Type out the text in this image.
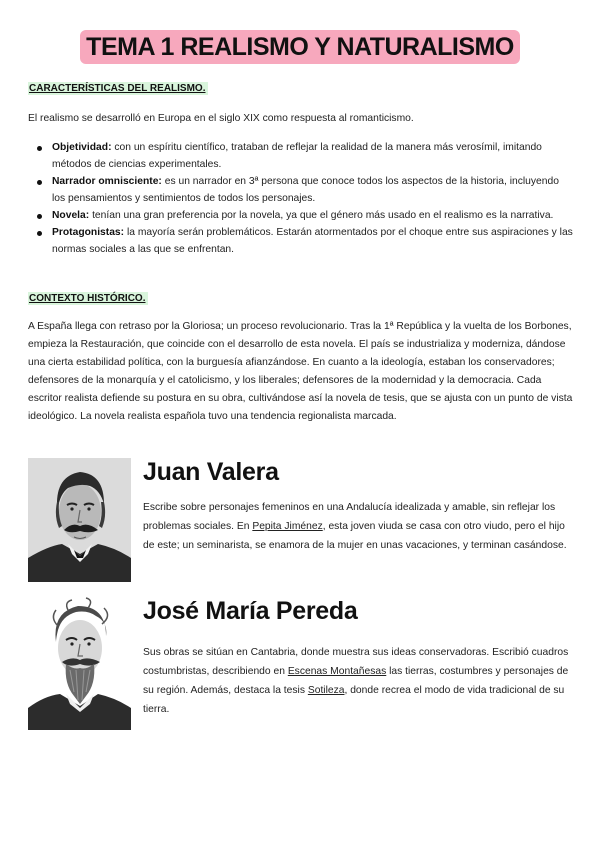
TEMA 1 REALISMO Y NATURALISMO
CARACTERÍSTICAS DEL REALISMO.
El realismo se desarrolló en Europa en el siglo XIX como respuesta al romanticismo.
Objetividad: con un espíritu científico, trataban de reflejar la realidad de la manera más verosímil, imitando métodos de ciencias experimentales.
Narrador omnisciente: es un narrador en 3ª persona que conoce todos los aspectos de la historia, incluyendo los pensamientos y sentimientos de todos los personajes.
Novela: tenían una gran preferencia por la novela, ya que el género más usado en el realismo es la narrativa.
Protagonistas: la mayoría serán problemáticos. Estarán atormentados por el choque entre sus aspiraciones y las normas sociales a las que se enfrentan.
CONTEXTO HISTÓRICO.
A España llega con retraso por la Gloriosa; un proceso revolucionario. Tras la 1ª República y la vuelta de los Borbones, empieza la Restauración, que coincide con el desarrollo de esta novela. El país se industrializa y moderniza, dándose una cierta estabilidad política, con la burguesía afianzándose. En cuanto a la ideología, estaban los conservadores; defensores de la monarquía y el catolicismo, y los liberales; defensores de la modernidad y la democracia. Cada escritor realista defiende su postura en su obra, cultivándose así la novela de tesis, que se ajusta con un punto de vista ideológico. La novela realista española tuvo una tendencia regionalista marcada.
Juan Valera
Escribe sobre personajes femeninos en una Andalucía idealizada y amable, sin reflejar los problemas sociales. En Pepita Jiménez, esta joven viuda se casa con otro viudo, pero el hijo de este; un seminarista, se enamora de la mujer en unas vacaciones, y terminan casándose.
José María Pereda
Sus obras se sitúan en Cantabria, donde muestra sus ideas conservadoras. Escribió cuadros costumbristas, describiendo en Escenas Montañesas las tierras, costumbres y personajes de su región. Además, destaca la tesis Sotileza, donde recrea el modo de vida tradicional de su tierra.
